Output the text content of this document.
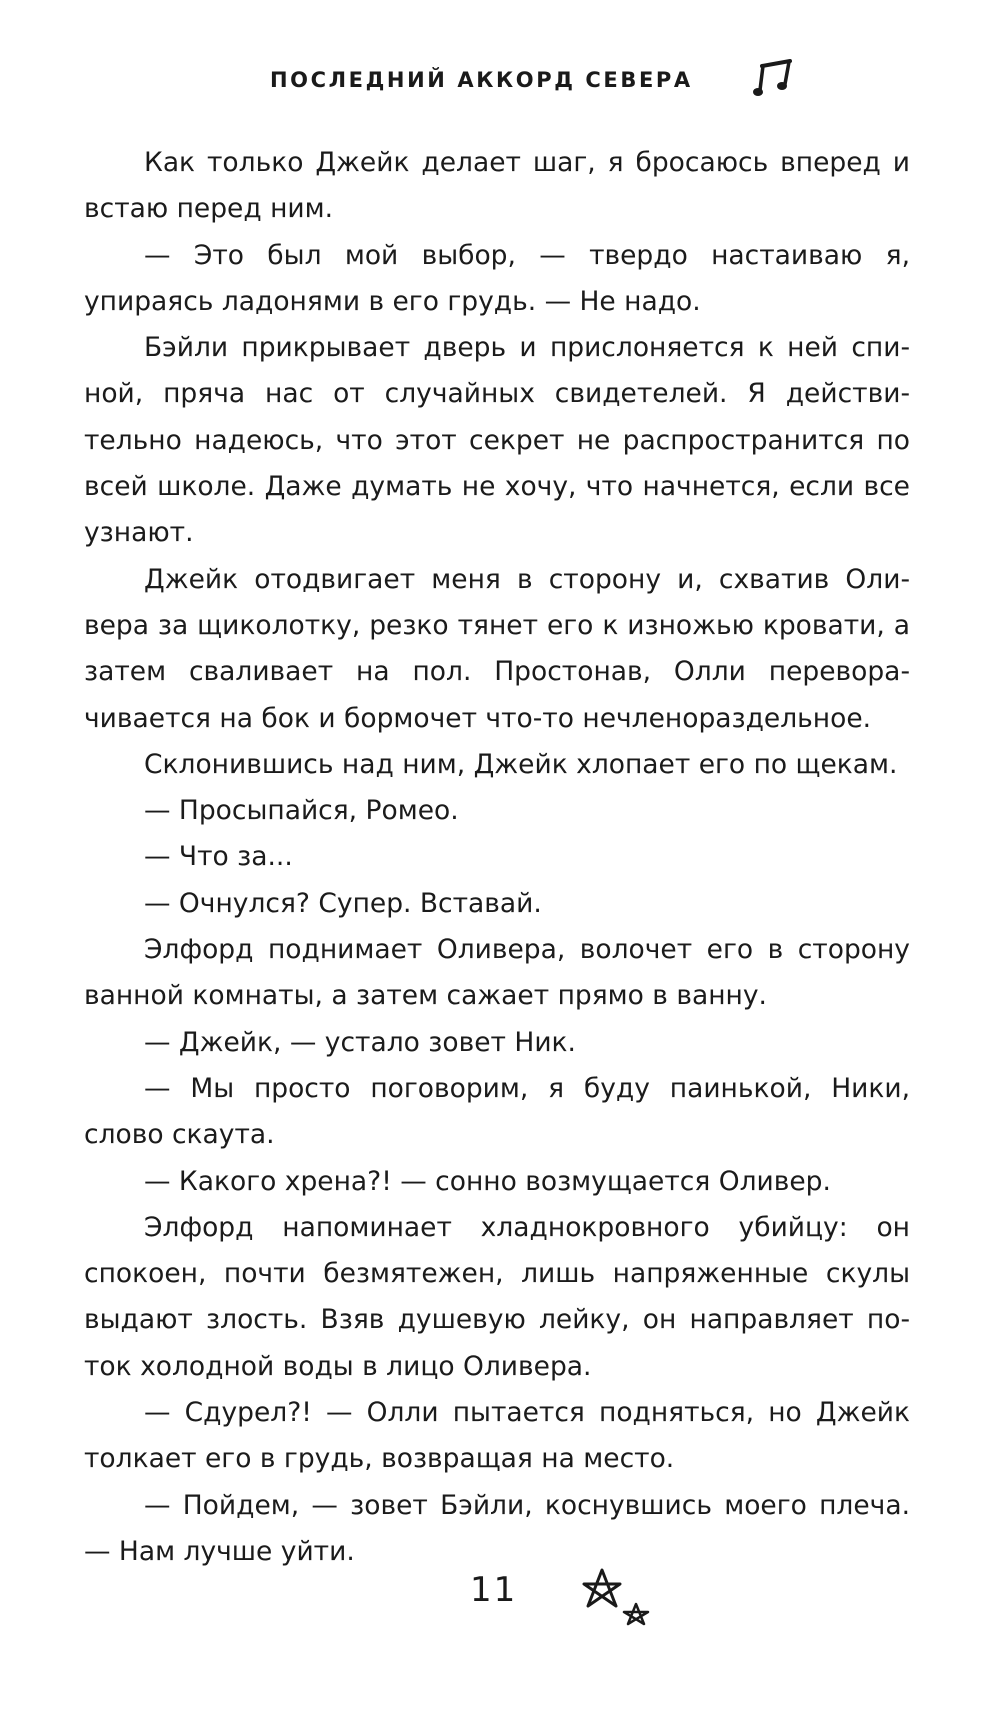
ПОСЛЕДНИЙ АККОРД СЕВЕРА

Как только Джейк делает шаг, я бросаюсь вперед и встаю перед ним.

— Это был мой выбор, — твердо настаиваю я, упираясь ладонями в его грудь. — Не надо.

Бэйли прикрывает дверь и прислоняется к ней спиной, пряча нас от случайных свидетелей. Я действительно надеюсь, что этот секрет не распространится по всей школе. Даже думать не хочу, что начнется, если все узнают.

Джейк отодвигает меня в сторону и, схватив Оливера за щиколотку, резко тянет его к изножью кровати, а затем сваливает на пол. Простонав, Олли переворачивается на бок и бормочет что-то нечленораздельное.

Склонившись над ним, Джейк хлопает его по щекам.

— Просыпайся, Ромео.

— Что за...

— Очнулся? Супер. Вставай.

Элфорд поднимает Оливера, волочет его в сторону ванной комнаты, а затем сажает прямо в ванну.

— Джейк, — устало зовет Ник.

— Мы просто поговорим, я буду паинькой, Ники, слово скаута.

— Какого хрена?! — сонно возмущается Оливер.

Элфорд напоминает хладнокровного убийцу: он спокоен, почти безмятежен, лишь напряженные скулы выдают злость. Взяв душевую лейку, он направляет поток холодной воды в лицо Оливера.

— Сдурел?! — Олли пытается подняться, но Джейк толкает его в грудь, возвращая на место.

— Пойдем, — зовет Бэйли, коснувшись моего плеча. — Нам лучше уйти.

11
